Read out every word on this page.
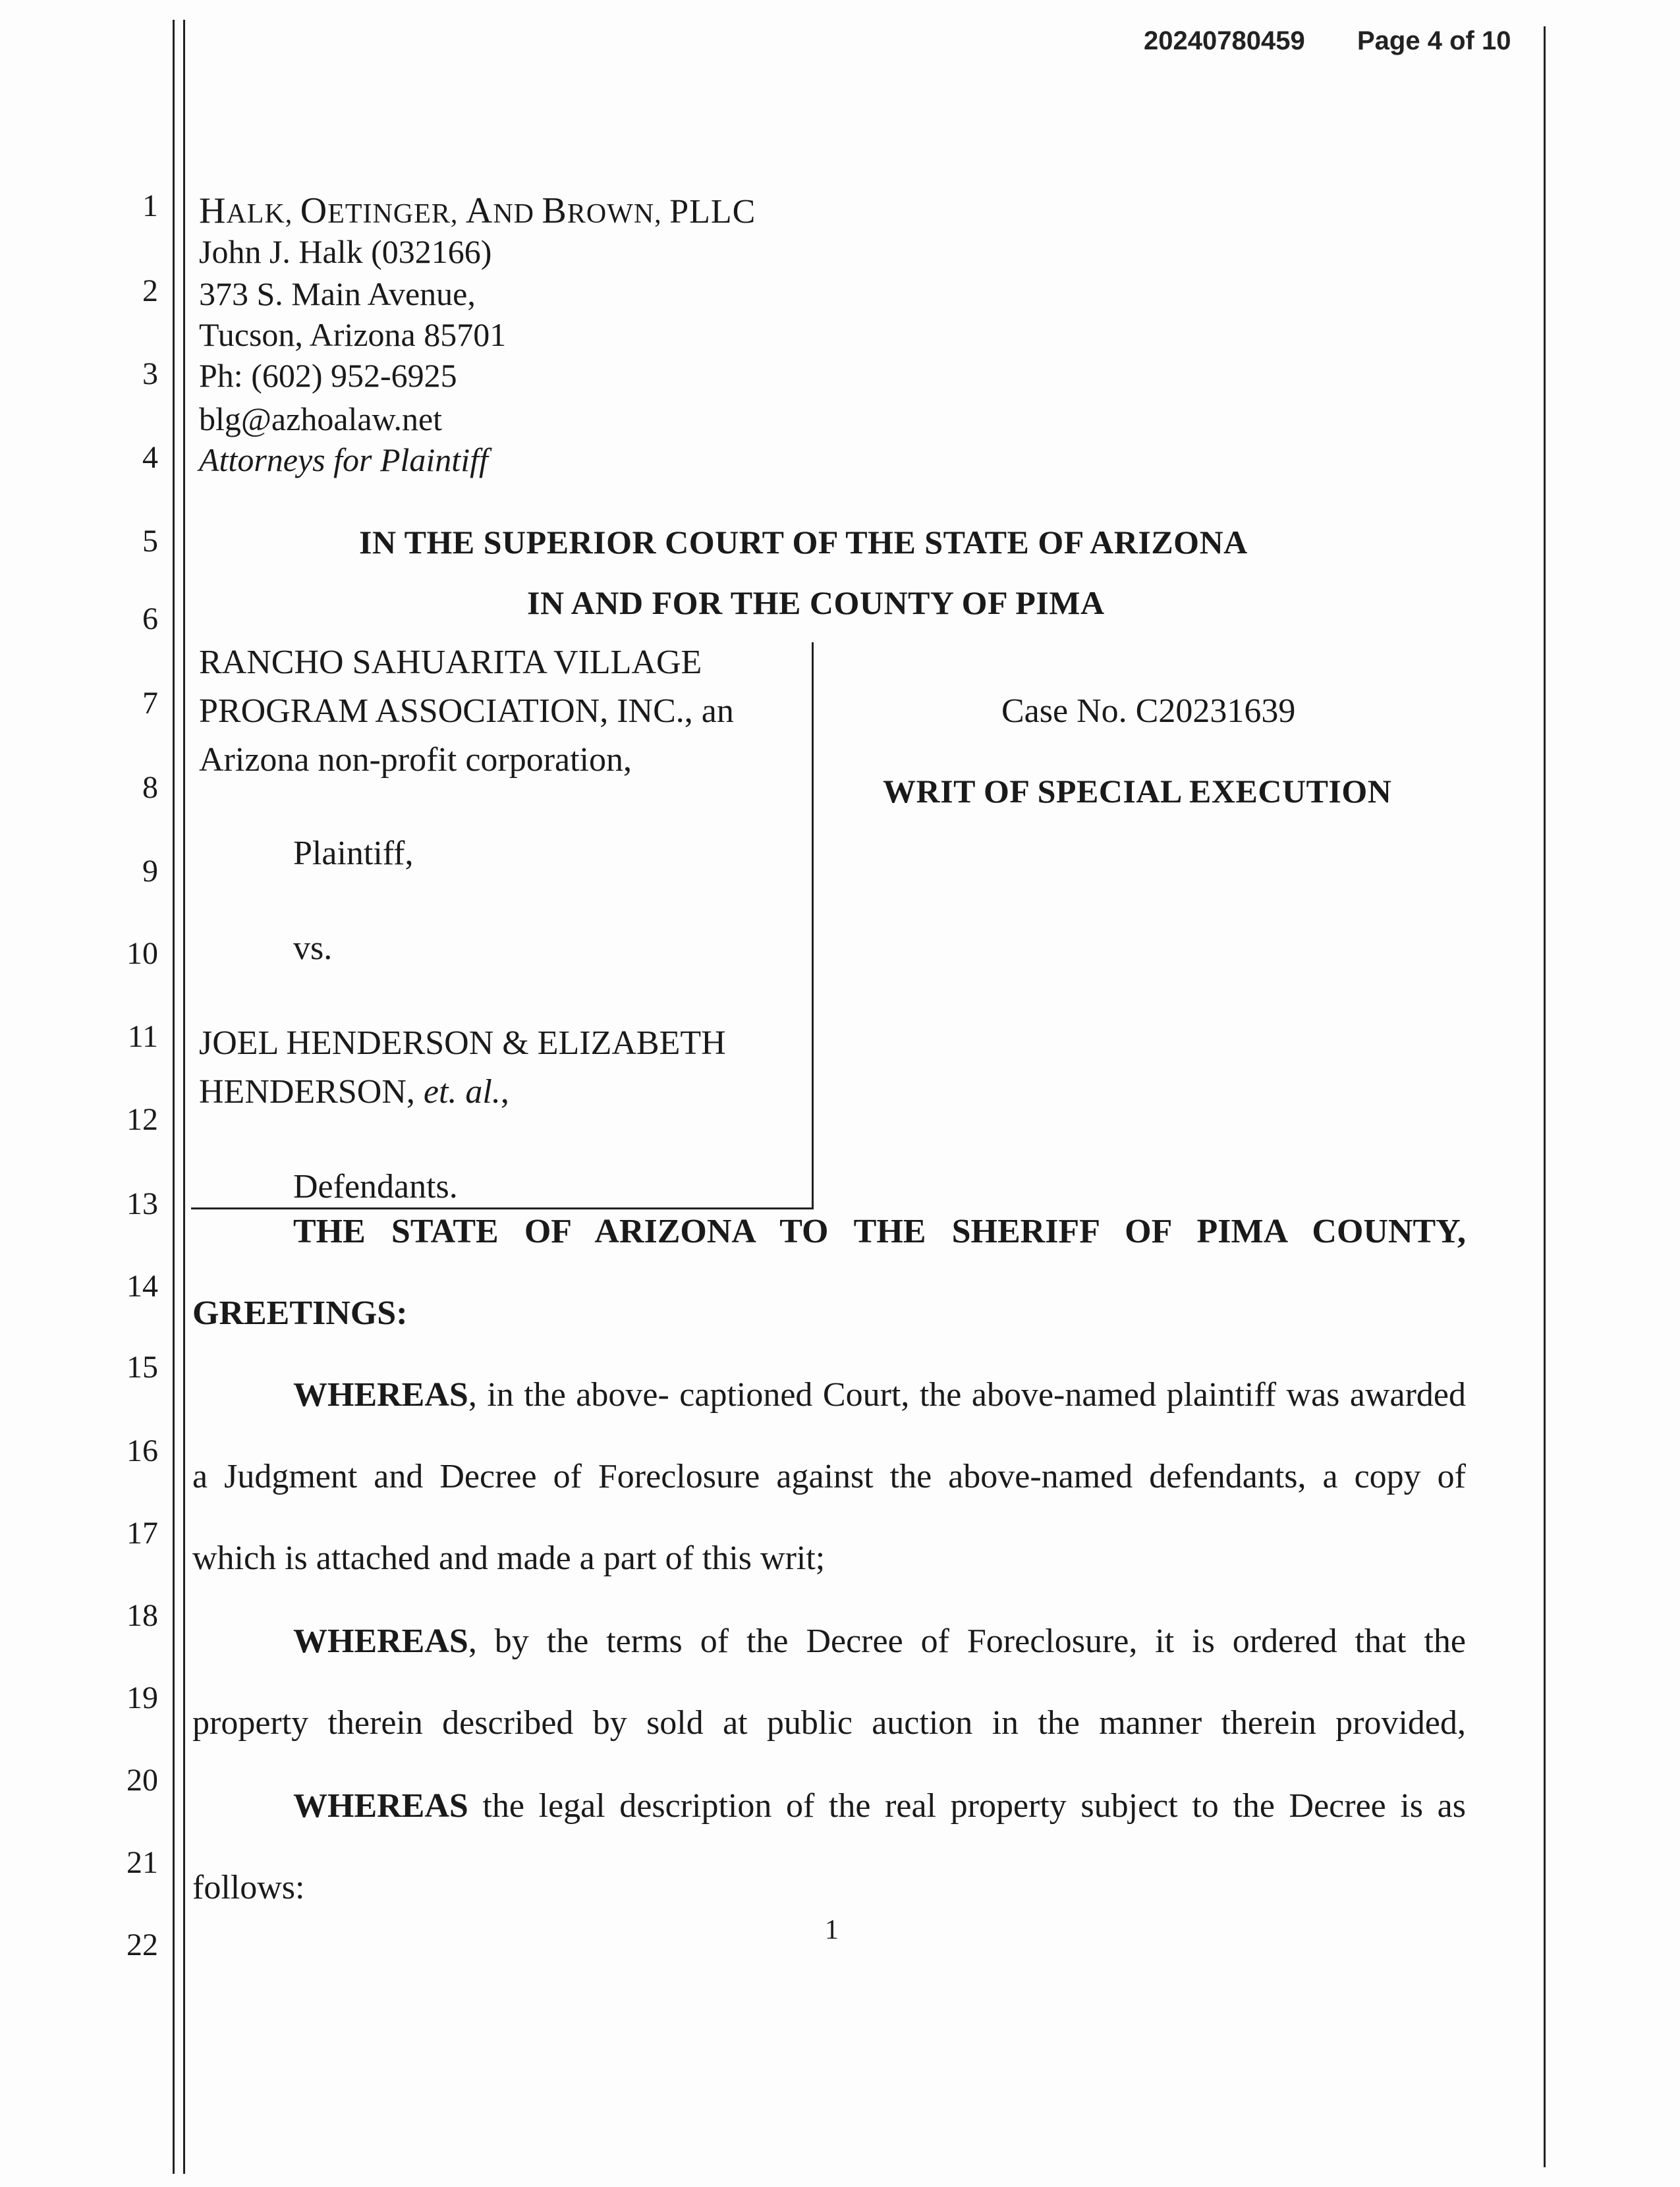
20240780459 Page 4 of 10
1
2
3
4
5
6
7
8
9
10
11
12
13
14
15
16
17
18
19
20
21
22
HALK, OETINGER, AND BROWN, PLLC
John J. Halk (032166)
373 S. Main Avenue,
Tucson, Arizona 85701
Ph: (602) 952-6925
blg@azhoalaw.net
Attorneys for Plaintiff
IN THE SUPERIOR COURT OF THE STATE OF ARIZONA
IN AND FOR THE COUNTY OF PIMA
RANCHO SAHUARITA VILLAGE
PROGRAM ASSOCIATION, INC., an
Arizona non-profit corporation,
Plaintiff,
vs.
JOEL HENDERSON & ELIZABETH
HENDERSON, et. al.,
Defendants.
Case No. C20231639
WRIT OF SPECIAL EXECUTION
THE STATE OF ARIZONA TO THE SHERIFF OF PIMA COUNTY,
GREETINGS:
WHEREAS, in the above- captioned Court, the above-named plaintiff was awarded
a Judgment and Decree of Foreclosure against the above-named defendants, a copy of
which is attached and made a part of this writ;
WHEREAS, by the terms of the Decree of Foreclosure, it is ordered that the
property therein described by sold at public auction in the manner therein provided,
WHEREAS the legal description of the real property subject to the Decree is as
follows:
1
